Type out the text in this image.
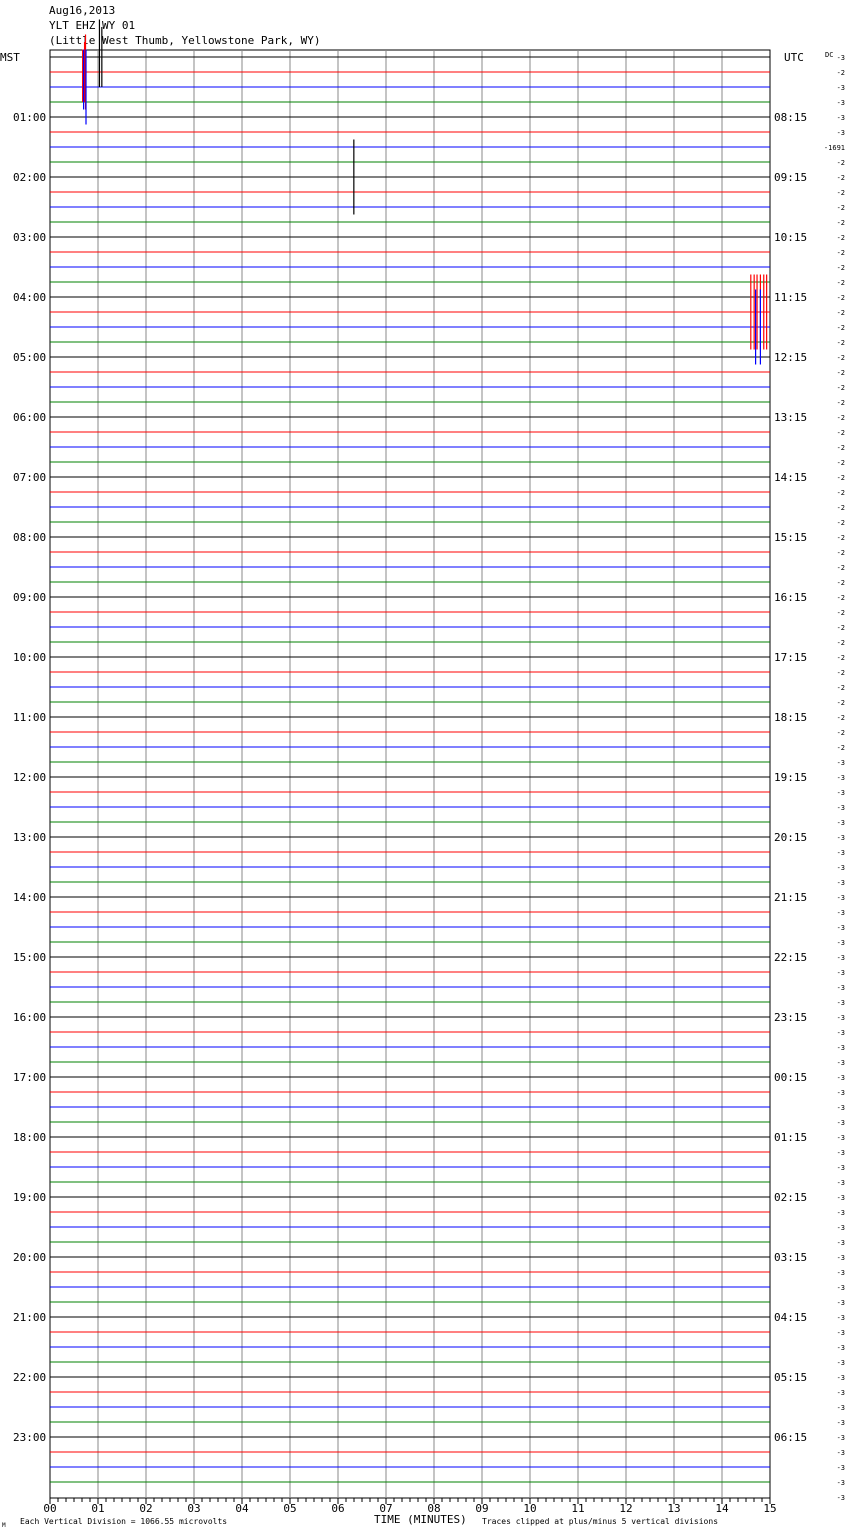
Aug16,2013
YLT EHZ WY 01
(Little West Thumb, Yellowstone Park, WY)
MST	UTC	DC
TIME (MINUTES)
Each Vertical Division = 1066.55 microvolts	Traces clipped at plus/minus 5 vertical divisions
M
01:00
02:00
03:00
04:00
05:00
06:00
07:00
08:00
09:00
10:00
11:00
12:00
13:00
14:00
15:00
16:00
17:00
18:00
19:00
20:00
21:00
22:00
23:00
08:15
09:15
10:15
11:15
12:15
13:15
14:15
15:15
16:15
17:15
18:15
19:15
20:15
21:15
22:15
23:15
00:15
01:15
02:15
03:15
04:15
05:15
06:15
-3
-2
-3
-3
-3
-3
-1691
-2
-2
-2
-2
-2
-2
-2
-2
-2
-2
-2
-2
-2
-2
-2
-2
-2
-2
-2
-2
-2
-2
-2
-2
-2
-2
-2
-2
-2
-2
-2
-2
-2
-2
-2
-2
-2
-2
-2
-2
-3
-3
-3
-3
-3
-3
-3
-3
-3
-3
-3
-3
-3
-3
-3
-3
-3
-3
-3
-3
-3
-3
-3
-3
-3
-3
-3
-3
-3
-3
-3
-3
-3
-3
-3
-3
-3
-3
-3
-3
-3
-3
-3
-3
-3
-3
-3
-3
-3
-3
00	01	02	03	04	05	06	07	08	09	10	11	12	13	14	15
